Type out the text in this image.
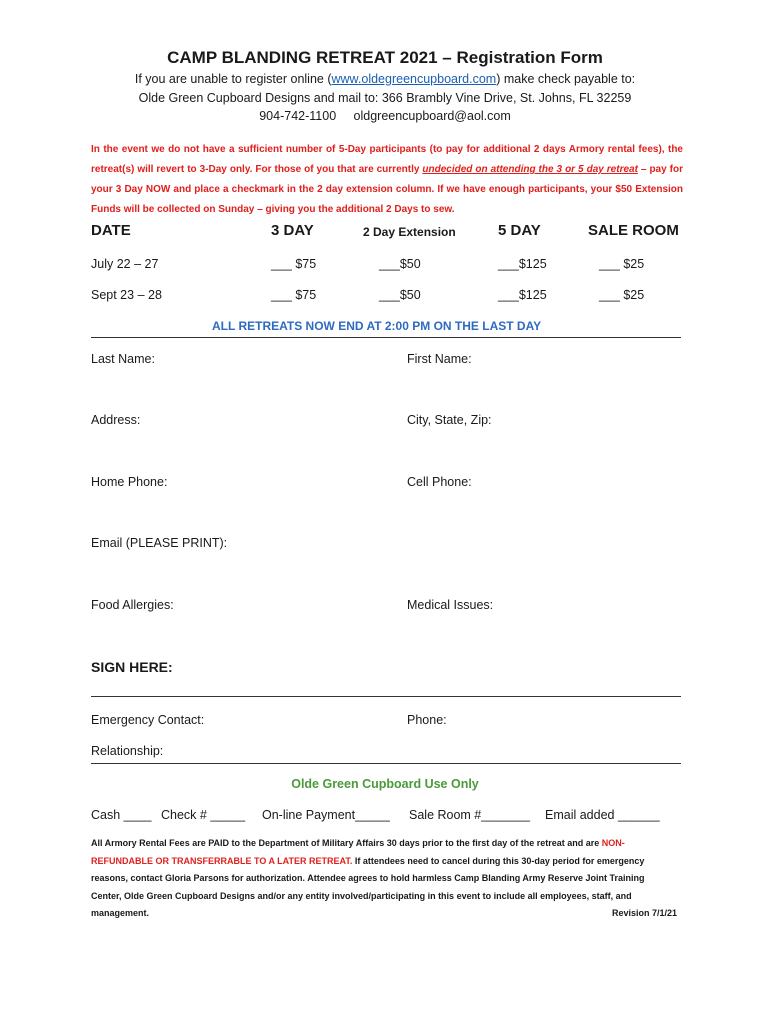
CAMP BLANDING RETREAT 2021 – Registration Form
If you are unable to register online (www.oldegreencupboard.com) make check payable to:
Olde Green Cupboard Designs and mail to: 366 Brambly Vine Drive, St. Johns, FL 32259
904-742-1100 oldgreencupboard@aol.com
In the event we do not have a sufficient number of 5-Day participants (to pay for additional 2 days Armory rental fees), the retreat(s) will revert to 3-Day only. For those of you that are currently undecided on attending the 3 or 5 day retreat – pay for your 3 Day NOW and place a checkmark in the 2 day extension column. If we have enough participants, your $50 Extension Funds will be collected on Sunday – giving you the additional 2 Days to sew.
DATE	3 DAY	2 Day Extension	5 DAY	SALE ROOM
July 22 – 27	___ $75	___$50	___$125	___ $25
Sept 23 – 28	___ $75	___$50	___$125	___ $25
ALL RETREATS NOW END AT 2:00 PM ON THE LAST DAY
Last Name:	First Name:
Address:	City, State, Zip:
Home Phone:	Cell Phone:
Email (PLEASE PRINT):
Food Allergies:	Medical Issues:
SIGN HERE:
Emergency Contact:	Phone:
Relationship:
Olde Green Cupboard Use Only
Cash ____ Check # _____ On-line Payment_____ Sale Room #_______ Email added ______
All Armory Rental Fees are PAID to the Department of Military Affairs 30 days prior to the first day of the retreat and are NON-REFUNDABLE OR TRANSFERRABLE TO A LATER RETREAT. If attendees need to cancel during this 30-day period for emergency reasons, contact Gloria Parsons for authorization. Attendee agrees to hold harmless Camp Blanding Army Reserve Joint Training Center, Olde Green Cupboard Designs and/or any entity involved/participating in this event to include all employees, staff, and management.	Revision 7/1/21
